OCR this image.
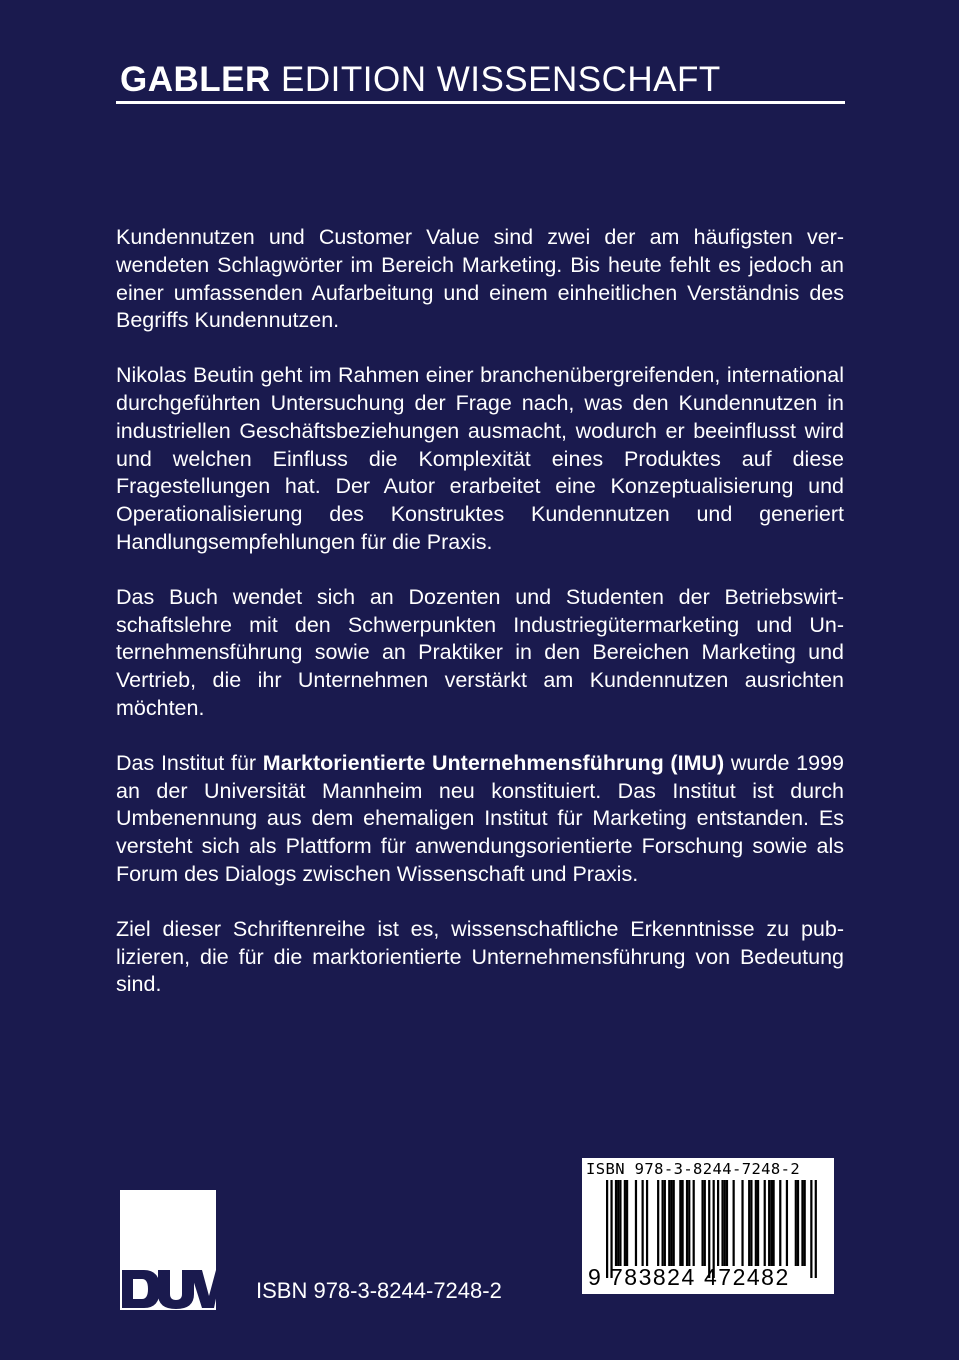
GABLER EDITION WISSENSCHAFT

Kundennutzen und Customer Value sind zwei der am häufigsten verwendeten Schlagwörter im Bereich Marketing. Bis heute fehlt es jedoch an einer umfassenden Aufarbeitung und einem einheitlichen Verständnis des Begriffs Kundennutzen.

Nikolas Beutin geht im Rahmen einer branchenübergreifenden, international durchgeführten Untersuchung der Frage nach, was den Kundennutzen in industriellen Geschäftsbeziehungen ausmacht, wodurch er beeinflusst wird und welchen Einfluss die Komplexität eines Produktes auf diese Fragestellungen hat. Der Autor erarbeitet eine Konzeptualisierung und Operationalisierung des Konstruktes Kundennutzen und generiert Handlungsempfehlungen für die Praxis.

Das Buch wendet sich an Dozenten und Studenten der Betriebswirtschaftslehre mit den Schwerpunkten Industriegütermarketing und Unternehmensführung sowie an Praktiker in den Bereichen Marketing und Vertrieb, die ihr Unternehmen verstärkt am Kundennutzen ausrichten möchten.

Das Institut für Marktorientierte Unternehmensführung (IMU) wurde 1999 an der Universität Mannheim neu konstituiert. Das Institut ist durch Umbenennung aus dem ehemaligen Institut für Marketing entstanden. Es versteht sich als Plattform für anwendungsorientierte Forschung sowie als Forum des Dialogs zwischen Wissenschaft und Praxis.

Ziel dieser Schriftenreihe ist es, wissenschaftliche Erkenntnisse zu publizieren, die für die marktorientierte Unternehmensführung von Bedeutung sind.

ISBN 978-3-8244-7248-2
ISBN 978-3-8244-7248-2
9 783824 472482
